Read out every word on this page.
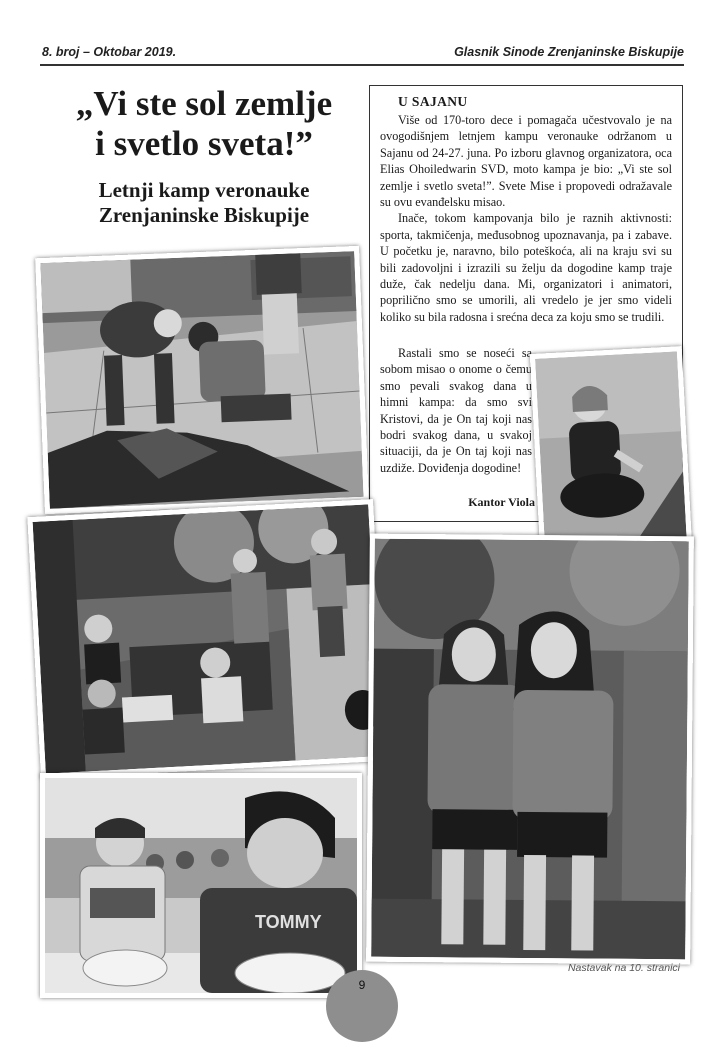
8. broj – Oktobar 2019.	Glasnik Sinode Zrenjaninske Biskupije
„Vi ste sol zemlje
i svetlo sveta!”
Letnji kamp veronauke
Zrenjaninske Biskupije
U SAJANU

Više od 170-toro dece i pomagača učestvovalo je na ovogodišnjem letnjem kampu veronauke održanom u Sajanu od 24-27. juna. Po izboru glavnog organizatora, oca Elias Ohoiledwarin SVD, moto kampa je bio: „Vi ste sol zemlje i svetlo sveta!”. Svete Mise i propovedi odražavale su ovu evanđelsku misao.

Inače, tokom kampovanja bilo je raznih aktivnosti: sporta, takmičenja, međusobnog upoznavanja, pa i zabave. U početku je, naravno, bilo poteškoća, ali na kraju svi su bili zadovoljni i izrazili su želju da dogodine kamp traje duže, čak nedelju dana. Mi, organizatori i animatori, poprilično smo se umorili, ali vredelo je jer smo videli koliko su bila radosna i srećna deca za koju smo se trudili.

Rastali smo se noseći sa sobom misao o onome o čemu smo pevali svakog dana u himni kampa: da smo svi Kristovi, da je On taj koji nas bodri svakog dana, u svakoj situaciji, da je On taj koji nas uzdiže. Doviđenja dogodine!

Kantor Viola
TOMMY
Nastavak na 10. stranici
9
